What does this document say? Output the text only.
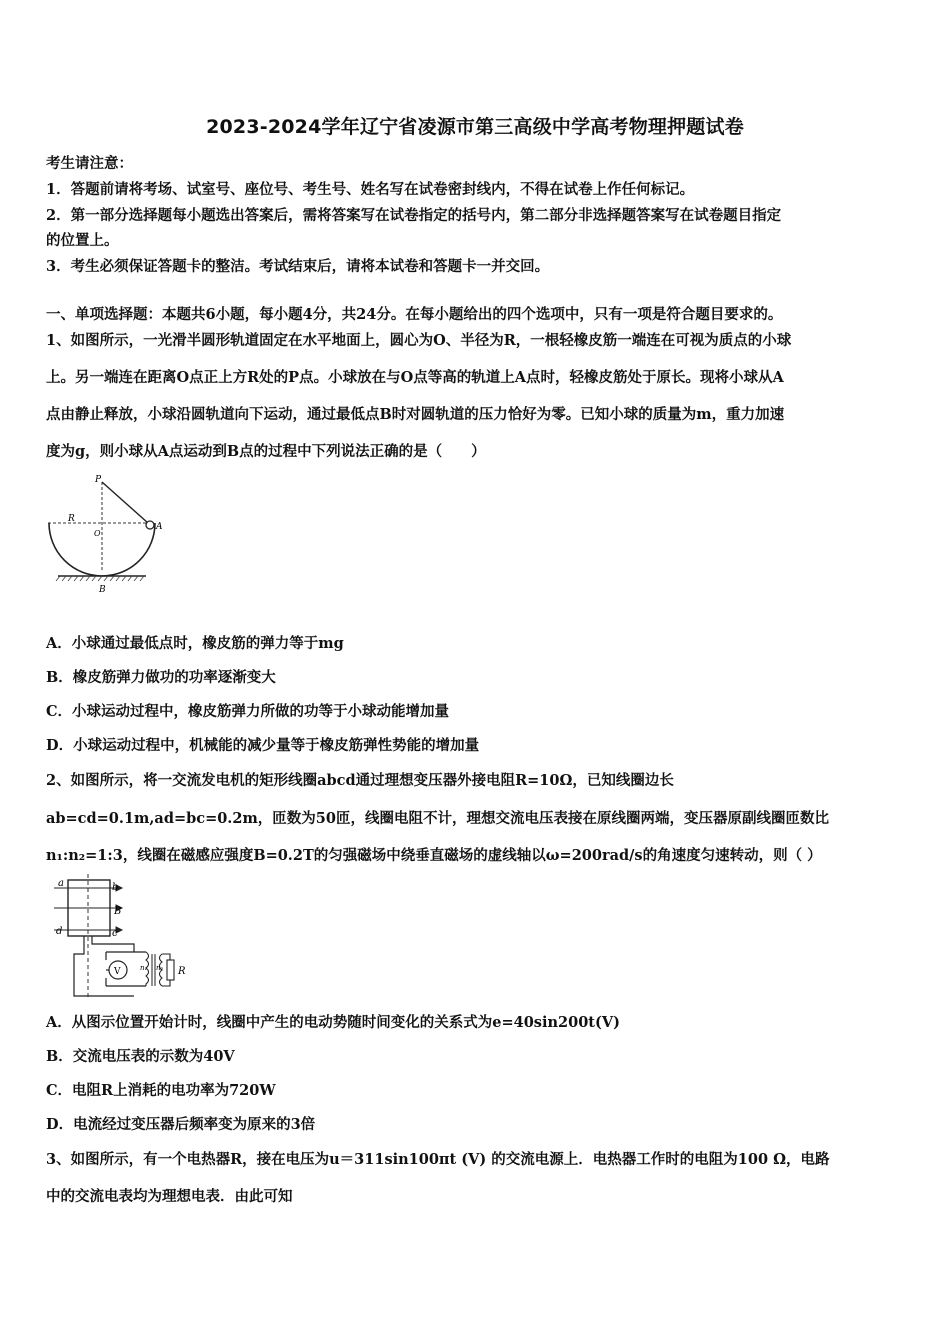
2023-2024学年辽宁省凌源市第三高级中学高考物理押题试卷
考生请注意：
1．答题前请将考场、试室号、座位号、考生号、姓名写在试卷密封线内，不得在试卷上作任何标记。
2．第一部分选择题每小题选出答案后，需将答案写在试卷指定的括号内，第二部分非选择题答案写在试卷题目指定
的位置上。
3．考生必须保证答题卡的整洁。考试结束后，请将本试卷和答题卡一并交回。
一、单项选择题：本题共6小题，每小题4分，共24分。在每小题给出的四个选项中，只有一项是符合题目要求的。
1、如图所示，一光滑半圆形轨道固定在水平地面上，圆心为O、半径为R，一根轻橡皮筋一端连在可视为质点的小球
上。另一端连在距离O点正上方R处的P点。小球放在与O点等高的轨道上A点时，轻橡皮筋处于原长。现将小球从A
点由静止释放，小球沿圆轨道向下运动，通过最低点B时对圆轨道的压力恰好为零。已知小球的质量为m，重力加速
度为g，则小球从A点运动到B点的过程中下列说法正确的是（　　）
P
R
O
A
B
A．小球通过最低点时，橡皮筋的弹力等于mg
B．橡皮筋弹力做功的功率逐渐变大
C．小球运动过程中，橡皮筋弹力所做的功等于小球动能增加量
D．小球运动过程中，机械能的减少量等于橡皮筋弹性势能的增加量
2、如图所示，将一交流发电机的矩形线圈abcd通过理想变压器外接电阻R=10Ω，已知线圈边长
ab=cd=0.1m,ad=bc=0.2m，匝数为50匝，线圈电阻不计，理想交流电压表接在原线圈两端，变压器原副线圈匝数比
n₁:n₂=1:3，线圈在磁感应强度B=0.2T的匀强磁场中绕垂直磁场的虚线轴以ω=200rad/s的角速度匀速转动，则（ ）
a	b
B
d	c
V	n₁ n₂ R
A．从图示位置开始计时，线圈中产生的电动势随时间变化的关系式为e=40sin200t(V)
B．交流电压表的示数为40V
C．电阻R上消耗的电功率为720W
D．电流经过变压器后频率变为原来的3倍
3、如图所示，有一个电热器R，接在电压为u＝311sin100πt (V) 的交流电源上．电热器工作时的电阻为100 Ω，电路
中的交流电表均为理想电表．由此可知
